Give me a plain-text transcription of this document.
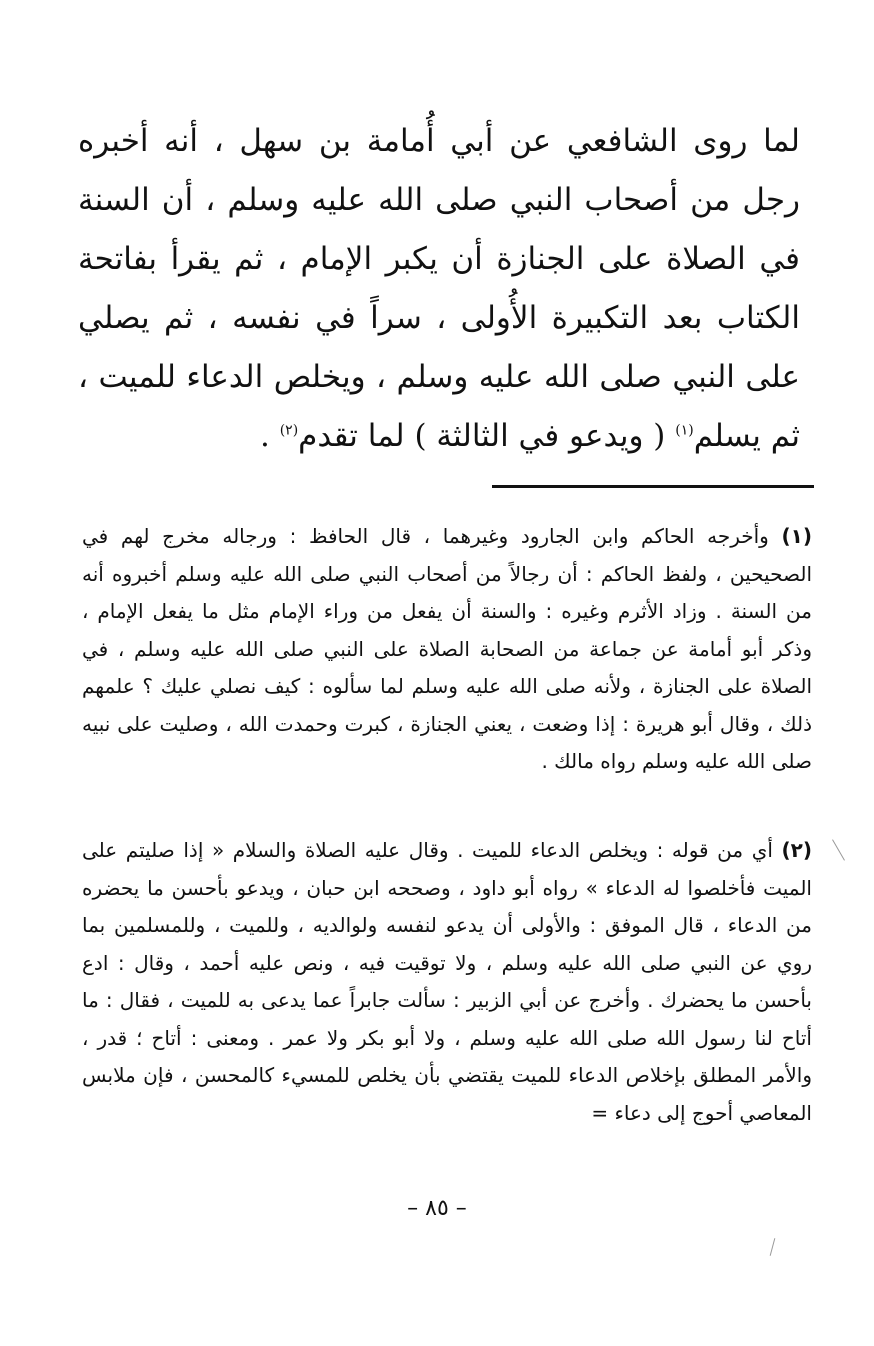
لما روى الشافعي عن أبي أُمامة بن سهل ، أنه أخبره رجل من أصحاب النبي صلى الله عليه وسلم ، أن السنة في الصلاة على الجنازة أن يكبر الإمام ، ثم يقرأ بفاتحة الكتاب بعد التكبيرة الأُولى ، سراً في نفسه ، ثم يصلي على النبي صلى الله عليه وسلم ، ويخلص الدعاء للميت ، ثم يسلم$^{(١)}$ ( ويدعو في الثالثة ) لما تقدم$^{(٢)}$ .
(١) وأخرجه الحاكم وابن الجارود وغيرهما ، قال الحافظ : ورجاله مخرج لهم في الصحيحين ، ولفظ الحاكم : أن رجالاً من أصحاب النبي صلى الله عليه وسلم أخبروه أنه من السنة . وزاد الأثرم وغيره : والسنة أن يفعل من وراء الإمام مثل ما يفعل الإمام ، وذكر أبو أمامة عن جماعة من الصحابة الصلاة على النبي صلى الله عليه وسلم ، في الصلاة على الجنازة ، ولأنه صلى الله عليه وسلم لما سألوه : كيف نصلي عليك ؟ علمهم ذلك ، وقال أبو هريرة : إذا وضعت ، يعني الجنازة ، كبرت وحمدت الله ، وصليت على نبيه صلى الله عليه وسلم رواه مالك .
(٢) أي من قوله : ويخلص الدعاء للميت . وقال عليه الصلاة والسلام « إذا صليتم على الميت فأخلصوا له الدعاء » رواه أبو داود ، وصححه ابن حبان ، ويدعو بأحسن ما يحضره من الدعاء ، قال الموفق : والأولى أن يدعو لنفسه ولوالديه ، وللميت ، وللمسلمين بما روي عن النبي صلى الله عليه وسلم ، ولا توقيت فيه ، ونص عليه أحمد ، وقال : ادع بأحسن ما يحضرك . وأخرج عن أبي الزبير : سألت جابراً عما يدعى به للميت ، فقال : ما أتاح لنا رسول الله صلى الله عليه وسلم ، ولا أبو بكر ولا عمر . ومعنى : أتاح ؛ قدر ، والأمر المطلق بإخلاص الدعاء للميت يقتضي بأن يخلص للمسيء كالمحسن ، فإن ملابس المعاصي أحوج إلى دعاء =
– ٨٥ –
